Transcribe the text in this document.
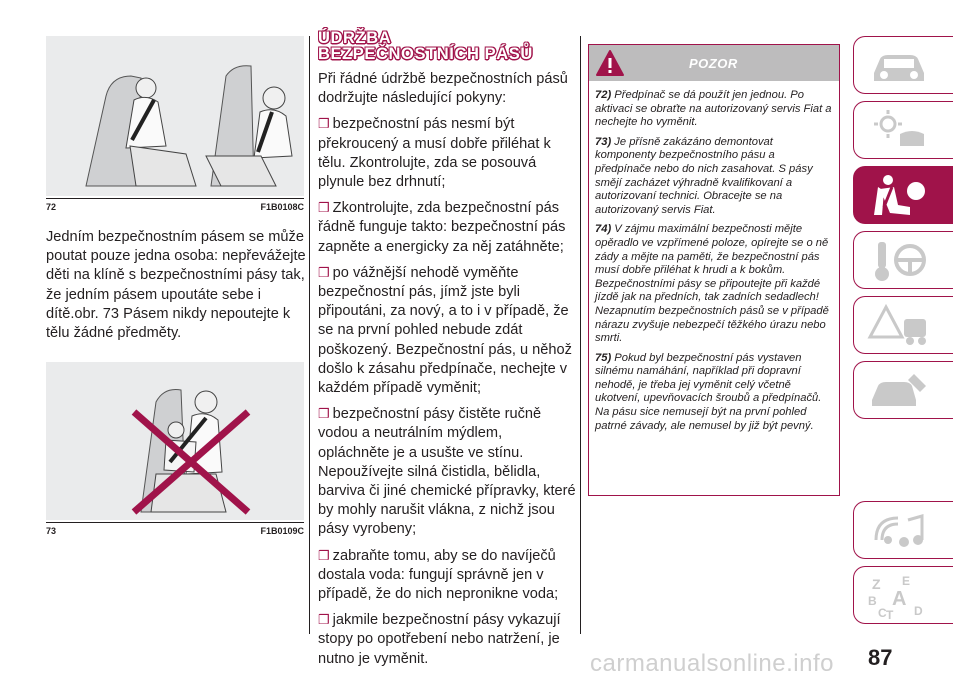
72	F1B0108C
Jedním bezpečnostním pásem se může poutat pouze jedna osoba: nepřevážejte děti na klíně s bezpečnostními pásy tak, že jedním pásem upoutáte sebe i dítě.obr. 73 Pásem nikdy nepoutejte k tělu žádné předměty.
73	F1B0109C
ÚDRŽBA
BEZPEČNOSTNÍCH PÁSŮ

Při řádné údržbě bezpečnostních pásů dodržujte následující pokyny:

❒ bezpečnostní pás nesmí být překroucený a musí dobře přiléhat k tělu. Zkontrolujte, zda se posouvá plynule bez drhnutí;

❒ Zkontrolujte, zda bezpečnostní pás řádně funguje takto: bezpečnostní pás zapněte a energicky za něj zatáhněte;

❒ po vážnější nehodě vyměňte bezpečnostní pás, jímž jste byli připoutáni, za nový, a to i v případě, že se na první pohled nebude zdát poškozený. Bezpečnostní pás, u něhož došlo k zásahu předpínače, nechejte v každém případě vyměnit;

❒ bezpečnostní pásy čistěte ručně vodou a neutrálním mýdlem, opláchněte je a usušte ve stínu. Nepoužívejte silná čistidla, bělidla, barviva či jiné chemické přípravky, které by mohly narušit vlákna, z nichž jsou pásy vyrobeny;

❒ zabraňte tomu, aby se do navíječů dostala voda: fungují správně jen v případě, že do nich nepronikne voda;

❒ jakmile bezpečnostní pásy vykazují stopy po opotřebení nebo natržení, je nutno je vyměnit.

POZOR

72) Předpínač se dá použít jen jednou. Po aktivaci se obraťte na autorizovaný servis Fiat a nechejte ho vyměnit.

73) Je přísně zakázáno demontovat komponenty bezpečnostního pásu a předpínače nebo do nich zasahovat. S pásy smějí zacházet výhradně kvalifikovaní a autorizovaní technici. Obracejte se na autorizovaný servis Fiat.

74) V zájmu maximální bezpečnosti mějte opěradlo ve vzpřímené poloze, opírejte se o ně zády a mějte na paměti, že bezpečnostní pás musí dobře přiléhat k hrudi a k bokům. Bezpečnostními pásy se připoutejte při každé jízdě jak na předních, tak zadních sedadlech! Nezapnutím bezpečnostních pásů se v případě nárazu zvyšuje nebezpečí těžkého úrazu nebo smrti.

75) Pokud byl bezpečnostní pás vystaven silnému namáhání, například při dopravní nehodě, je třeba jej vyměnit celý včetně ukotvení, upevňovacích šroubů a předpínačů. Na pásu sice nemusejí být na první pohled patrné závady, ale nemusel by již být pevný.

Z E
B A
C T D
87
carmanualsonline.info
